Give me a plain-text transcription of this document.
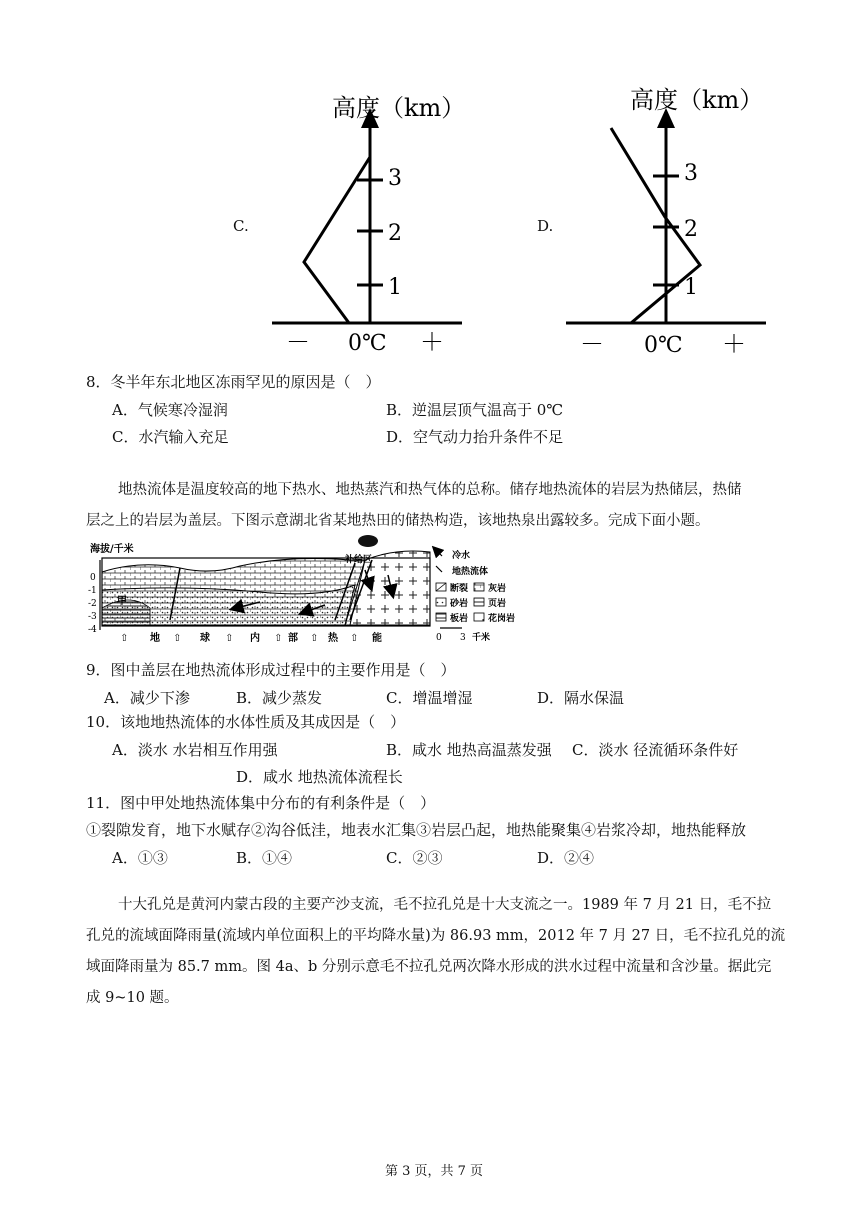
C.
高度（km）
1
2
3
－ 0℃ ＋
D.
高度（km）
1
2
3
－ 0℃ ＋
8．冬半年东北地区冻雨罕见的原因是（　）
A．气候寒冷湿润	B．逆温层顶气温高于 0℃
C．水汽输入充足	D．空气动力抬升条件不足
地热流体是温度较高的地下热水、地热蒸汽和热气体的总称。储存地热流体的岩层为热储层，热储
层之上的岩层为盖层。下图示意湖北省某地热田的储热构造，该地热泉出露较多。完成下面小题。
海拔/千米
0
-1
-2
-3
-4
甲
补给区
⇧ 地 ⇧ 球 ⇧ 内 ⇧ 部 ⇧ 热 ⇧ 能
冷水
地热流体
断裂 灰岩
砂岩 页岩
板岩 花岗岩
0 3 千米
9．图中盖层在地热流体形成过程中的主要作用是（　）
A．减少下渗	B．减少蒸发	C．增温增湿	D．隔水保温
10．该地地热流体的水体性质及其成因是（　）
A．淡水 水岩相互作用强	B．咸水 地热高温蒸发强 C．淡水 径流循环条件好
D．咸水 地热流体流程长
11．图中甲处地热流体集中分布的有利条件是（　）
①裂隙发育，地下水赋存②沟谷低洼，地表水汇集③岩层凸起，地热能聚集④岩浆冷却，地热能释放
A．①③	B．①④	C．②③	D．②④
十大孔兑是黄河内蒙古段的主要产沙支流，毛不拉孔兑是十大支流之一。1989 年 7 月 21 日，毛不拉
孔兑的流域面降雨量(流域内单位面积上的平均降水量)为 86.93 mm，2012 年 7 月 27 日，毛不拉孔兑的流
域面降雨量为 85.7 mm。图 4a、b 分别示意毛不拉孔兑两次降水形成的洪水过程中流量和含沙量。据此完
成 9~10 题。
第 3 页，共 7 页
